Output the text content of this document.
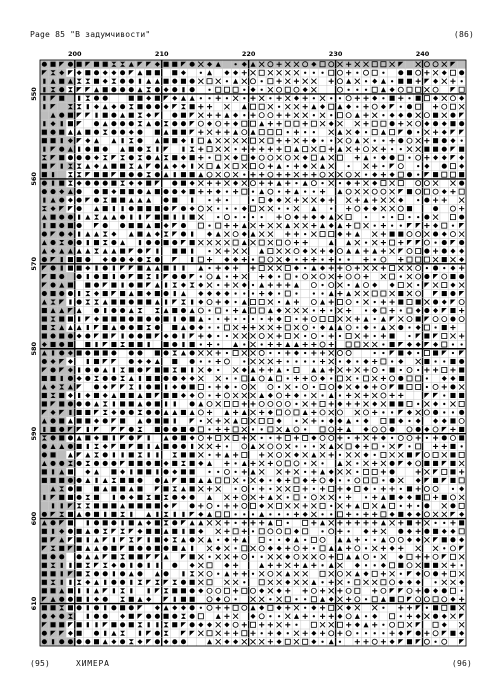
Page 85 "В задумчивости"	(86)
200	210	220	230	240
550
560
570
580
590
600
610
(95)	ХИМЕРА	(96)
